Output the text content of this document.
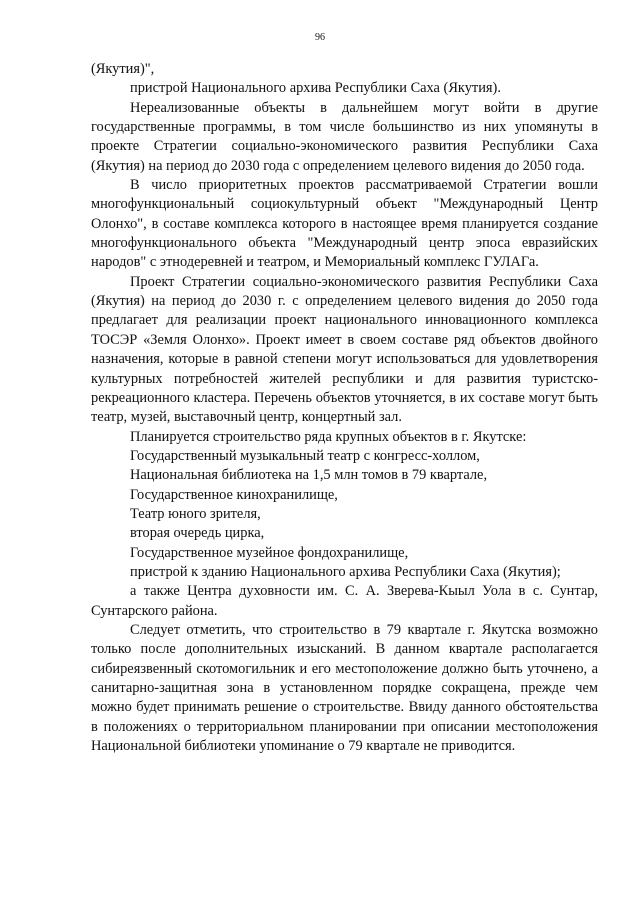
96

(Якутия)",

пристрой Национального архива Республики Саха (Якутия).

Нереализованные объекты в дальнейшем могут войти в другие государственные программы, в том числе большинство из них упомянуты в проекте Стратегии социально-экономического развития Республики Саха (Якутия) на период до 2030 года с определением целевого видения до 2050 года.

В число приоритетных проектов рассматриваемой Стратегии вошли многофункциональный социокультурный объект "Международный Центр Олонхо", в составе комплекса которого в настоящее время планируется создание многофункционального объекта "Международный центр эпоса евразийских народов" с этнодеревней и театром, и Мемориальный комплекс ГУЛАГа.

Проект Стратегии социально-экономического развития Республики Саха (Якутия) на период до 2030 г. с определением целевого видения до 2050 года предлагает для реализации проект национального инновационного комплекса ТОСЭР «Земля Олонхо». Проект имеет в своем составе ряд объектов двойного назначения, которые в равной степени могут использоваться для удовлетворения культурных потребностей жителей республики и для развития туристско-рекреационного кластера. Перечень объектов уточняется, в их составе могут быть театр, музей, выставочный центр, концертный зал.

Планируется строительство ряда крупных объектов в г. Якутске:

Государственный музыкальный театр с конгресс-холлом,

Национальная библиотека на 1,5 млн томов в 79 квартале,

Государственное кинохранилище,

Театр юного зрителя,

вторая очередь цирка,

Государственное музейное фондохранилище,

пристрой к зданию Национального архива Республики Саха (Якутия);

а также Центра духовности им. С. А. Зверева-Кыыл Уола в с. Сунтар, Сунтарского района.

Следует отметить, что строительство в 79 квартале г. Якутска возможно только после дополнительных изысканий. В данном квартале располагается сибиреязвенный скотомогильник и его местоположение должно быть уточнено, а санитарно-защитная зона в установленном порядке сокращена, прежде чем можно будет принимать решение о строительстве. Ввиду данного обстоятельства в положениях о территориальном планировании при описании местоположения Национальной библиотеки упоминание о 79 квартале не приводится.
